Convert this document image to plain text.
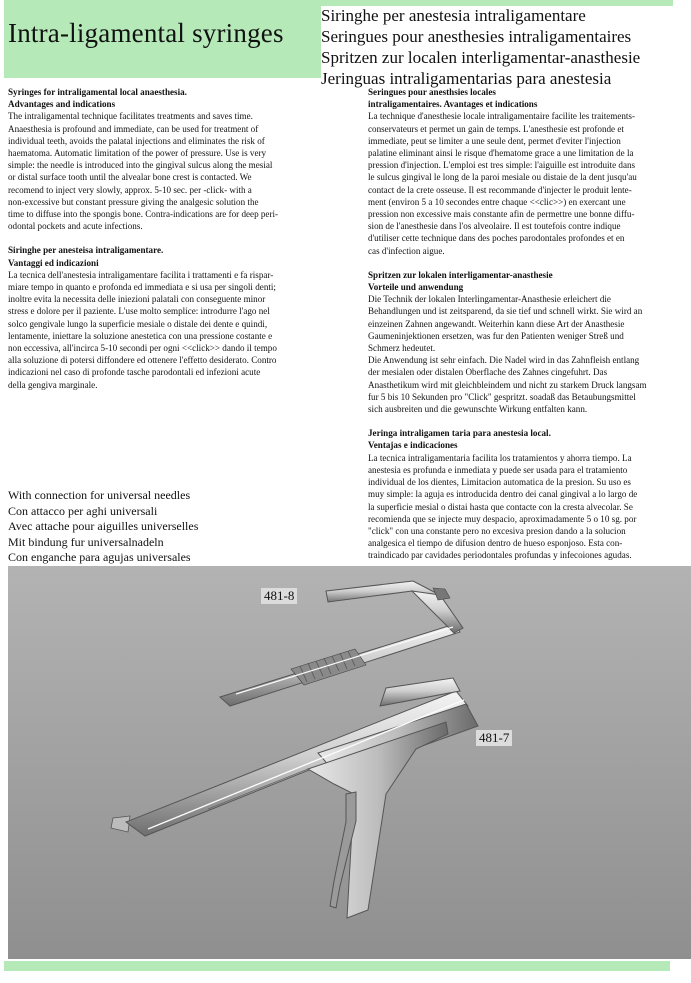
Intra-ligamental syringes
Siringhe per anestesia intraligamentare
Seringues pour anesthesies intraligamentaires
Spritzen zur localen interligamentar-anasthesie
Jeringuas intraligamentarias para anestesia

Syringes for intraligamental local anaesthesia.

Advantages and indications

The intraligamental technique facilitates treatments and saves time.

Anaesthesia is profound and immediate, can be used for treatment of

individual teeth, avoids the palatal injections and eliminates the risk of

haematoma. Automatic limitation of the power of pressure. Use is very

simple: the needle is introduced into the gingival sulcus along the mesial

or distal surface tooth until the alvealar bone crest is contacted. We

recomend to inject very slowly, approx. 5-10 sec. per -click- with a

non-excessive but constant pressure giving the analgesic solution the

time to diffuse into the spongis bone. Contra-indications are for deep peri-

odontal pockets and acute infections.

Siringhe per anesteisa intraligamentare.

Vantaggi ed indicazioni

La tecnica dell'anestesia intraligamentare facilita i trattamenti e fa rispar-

miare tempo in quanto e profonda ed immediata e si usa per singoli denti;

inoltre evita la necessita delle iniezioni palatali con conseguente minor

stress e dolore per il paziente. L'use molto semplice: introdurre l'ago nel

solco gengivale lungo la superficie mesiale o distale dei dente e quindi,

lentamente, iniettare la soluzione anestetica con una pressione costante e

non eccessiva, all'incirca 5-10 secondi per ogni <<click>> dando il tempo

alla soluzione di potersi diffondere ed ottenere l'effetto desiderato. Contro

indicazioni nel caso di profonde tasche parodontali ed infezioni acute

della gengiva marginale.

Seringues pour anesthsies locales

intraligamentaires. Avantages et indications

La technique d'anesthesie locale intraligamentaire facilite les traitements-

conservateurs et permet un gain de temps. L'anesthesie est profonde et

immediate, peut se limiter a une seule dent, permet d'eviter l'injection

palatine eliminant ainsi le risque d'hematome grace a une limitation de la

pression d'injection. L'emploi est tres simple: l'aiguille est introduite dans

le sulcus gingival le long de la paroi mesiale ou distaie de la dent jusqu'au

contact de la crete osseuse. Il est recommande d'injecter le produit lente-

ment (environ 5 a 10 secondes entre chaque <<clic>>) en exercant une

pression non excessive mais constante afin de permettre une bonne diffu-

sion de l'anesthesie dans l'os alveolaire. Il est toutefois contre indique

d'utiliser cette technique dans des poches parodontales profondes et en

cas d'infection aigue.

Spritzen zur lokalen interligamentar-anasthesie

Vorteile und anwendung

Die Technik der lokalen Interlingamentar-Anasthesie erleichert die

Behandlungen und ist zeitsparend, da sie tief und schnell wirkt. Sie wird an

einzeinen Zahnen angewandt. Weiterhin kann diese Art der Anasthesie

Gaumeninjektionen ersetzen, was fur den Patienten weniger Streß und

Schmerz hedeutet.

Die Anwendung ist sehr einfach. Die Nadel wird in das Zahnfleish entlang

der mesialen oder distalen Oberflache des Zahnes cingefuhrt. Das

Anasthetikum wird mit gleichbleindem und nicht zu starkem Druck langsam

fur 5 bis 10 Sekunden pro "Click" gespritzt. soadaß das Betaubungsmittel

sich ausbreiten und die gewunschte Wirkung entfalten kann.

Jeringa intraligamen taria para anestesia local.

Ventajas e indicaciones

La tecnica intraligamentaria facilita los tratamientos y ahorra tiempo. La

anestesia es profunda e inmediata y puede ser usada para el tratamiento

individual de los dientes, Limitacion automatica de la presion. Su uso es

muy simple: la aguja es introducida dentro dei canal gingival a lo largo de

la superficie mesial o distai hasta que contacte con la cresta alvecolar. Se

recomienda que se injecte muy despacio, aproximadamente 5 o 10 sg. por

"click" con una constante pero no excesiva presion dando a la solucion

analgesica el tiempo de difusion dentro de hueso esponjoso. Esta con-

traindicado par cavidades periodontales profundas y infecoiones agudas.

With connection for universal needles
Con attacco per aghi universali
Avec attache pour aiguilles universelles
Mit bindung fur universalnadeln
Con enganche para agujas universales
481-8
481-7
